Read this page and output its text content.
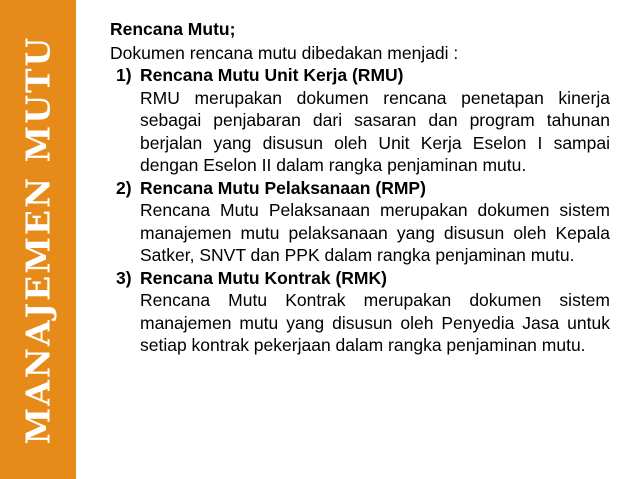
MANAJEMEN MUTU
Rencana Mutu;
Dokumen rencana mutu dibedakan menjadi :
1) Rencana Mutu Unit Kerja (RMU)
RMU merupakan dokumen rencana penetapan kinerja sebagai penjabaran dari sasaran dan program tahunan berjalan yang disusun oleh Unit Kerja Eselon I sampai dengan Eselon II dalam rangka penjaminan mutu.
2) Rencana Mutu Pelaksanaan (RMP)
Rencana Mutu Pelaksanaan merupakan dokumen sistem manajemen mutu pelaksanaan yang disusun oleh Kepala Satker, SNVT dan PPK dalam rangka penjaminan mutu.
3) Rencana Mutu Kontrak (RMK)
Rencana Mutu Kontrak merupakan dokumen sistem manajemen mutu yang disusun oleh Penyedia Jasa untuk setiap kontrak pekerjaan dalam rangka penjaminan mutu.
